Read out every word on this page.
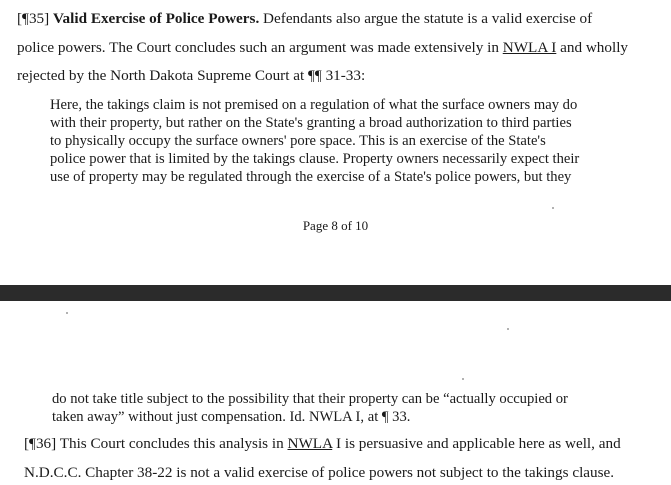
[¶35] Valid Exercise of Police Powers. Defendants also argue the statute is a valid exercise of
police powers. The Court concludes such an argument was made extensively in NWLA I and wholly
rejected by the North Dakota Supreme Court at ¶¶ 31-33:
Here, the takings claim is not premised on a regulation of what the surface owners may do
with their property, but rather on the State's granting a broad authorization to third parties
to physically occupy the surface owners' pore space. This is an exercise of the State's
police power that is limited by the takings clause. Property owners necessarily expect their
use of property may be regulated through the exercise of a State's police powers, but they
Page 8 of 10
do not take title subject to the possibility that their property can be “actually occupied or
taken away” without just compensation. Id. NWLA I, at ¶ 33.
[¶36] This Court concludes this analysis in NWLA I is persuasive and applicable here as well, and
N.D.C.C. Chapter 38-22 is not a valid exercise of police powers not subject to the takings clause.
